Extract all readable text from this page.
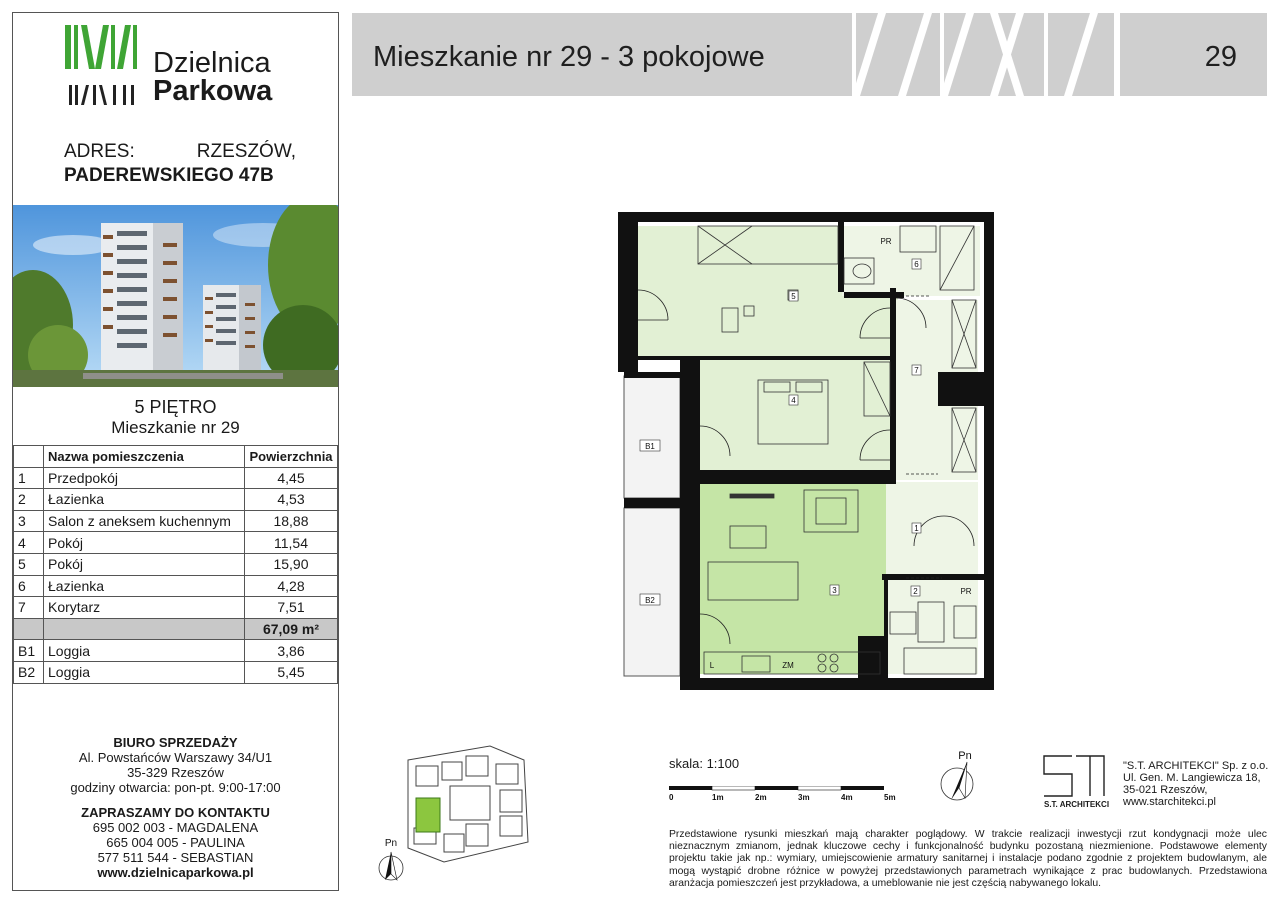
Dzielnica
Parkowa
ADRES:	RZESZÓW,
PADEREWSKIEGO 47B
5 PIĘTRO
Mieszkanie nr 29
	Nazwa pomieszczenia	Powierzchnia
1	Przedpokój	4,45
2	Łazienka	4,53
3	Salon z aneksem kuchennym	18,88
4	Pokój	11,54
5	Pokój	15,90
6	Łazienka	4,28
7	Korytarz	7,51
		67,09 m²
B1	Loggia	3,86
B2	Loggia	5,45
BIURO SPRZEDAŻY
Al. Powstańców Warszawy 34/U1
35-329 Rzeszów
godziny otwarcia: pon-pt. 9:00-17:00
ZAPRASZAMY DO KONTAKTU
695 002 003 - MAGDALENA
665 004 005 - PAULINA
577 511 544 - SEBASTIAN
www.dzielnicaparkowa.pl
Mieszkanie nr 29 - 3 pokojowe	29
5
4
3
1
2
6
7
B1
B2
PR
PR
L	ZM
Pn
Pn
skala: 1:100
0	1m	2m	3m	4m	5m
S.T. ARCHITEKCI
"S.T. ARCHITEKCI" Sp. z o.o.
Ul. Gen. M. Langiewicza 18,
35-021 Rzeszów,
www.starchitekci.pl
Przedstawione rysunki mieszkań mają charakter poglądowy. W trakcie realizacji inwestycji rzut kondygnacji może ulec nieznacznym zmianom, jednak kluczowe cechy i funkcjonalność budynku pozostaną niezmienione. Podstawowe elementy projektu takie jak np.: wymiary, umiejscowienie armatury sanitarnej i instalacje podano zgodnie z projektem budowlanym, ale mogą wystąpić drobne różnice w powyżej przedstawionych parametrach wynikające z prac budowlanych. Przedstawiona aranżacja pomieszczeń jest przykładowa, a umeblowanie nie jest częścią nabywanego lokalu.
